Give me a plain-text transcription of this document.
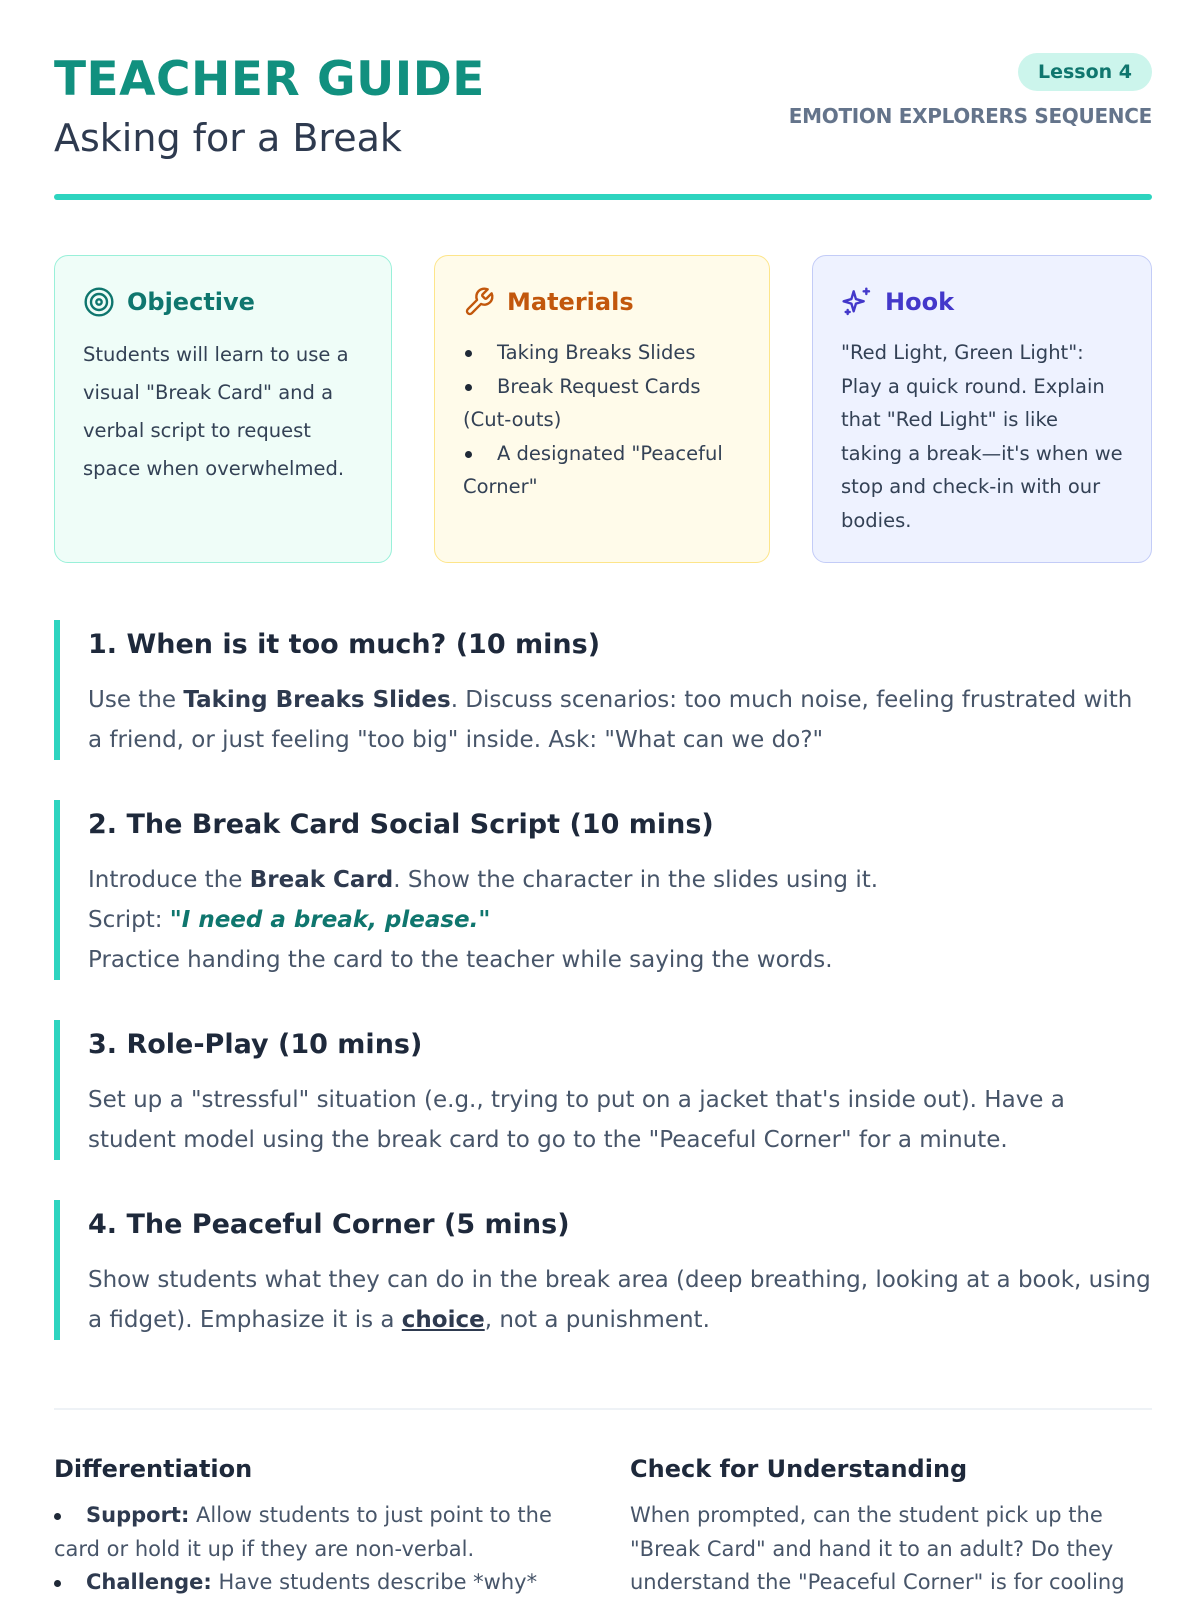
TEACHER GUIDE
Asking for a Break
Lesson 4
EMOTION EXPLORERS SEQUENCE
Objective

Students will learn to use a visual "Break Card" and a verbal script to request space when overwhelmed.

Materials
Taking Breaks Slides
Break Request Cards (Cut-outs)
A designated "Peaceful Corner"
Hook

"Red Light, Green Light": Play a quick round. Explain that "Red Light" is like taking a break—it's when we stop and check-in with our bodies.

1. When is it too much? (10 mins)

Use the Taking Breaks Slides. Discuss scenarios: too much noise, feeling frustrated with a friend, or just feeling "too big" inside. Ask: "What can we do?"

2. The Break Card Social Script (10 mins)

Introduce the Break Card. Show the character in the slides using it.

Script: "I need a break, please."

Practice handing the card to the teacher while saying the words.

3. Role-Play (10 mins)

Set up a "stressful" situation (e.g., trying to put on a jacket that's inside out). Have a student model using the break card to go to the "Peaceful Corner" for a minute.

4. The Peaceful Corner (5 mins)

Show students what they can do in the break area (deep breathing, looking at a book, using a fidget). Emphasize it is a choice, not a punishment.

Differentiation
Support: Allow students to just point to the card or hold it up if they are non-verbal.
Challenge: Have students describe *why*
Check for Understanding

When prompted, can the student pick up the "Break Card" and hand it to an adult? Do they understand the "Peaceful Corner" is for cooling
